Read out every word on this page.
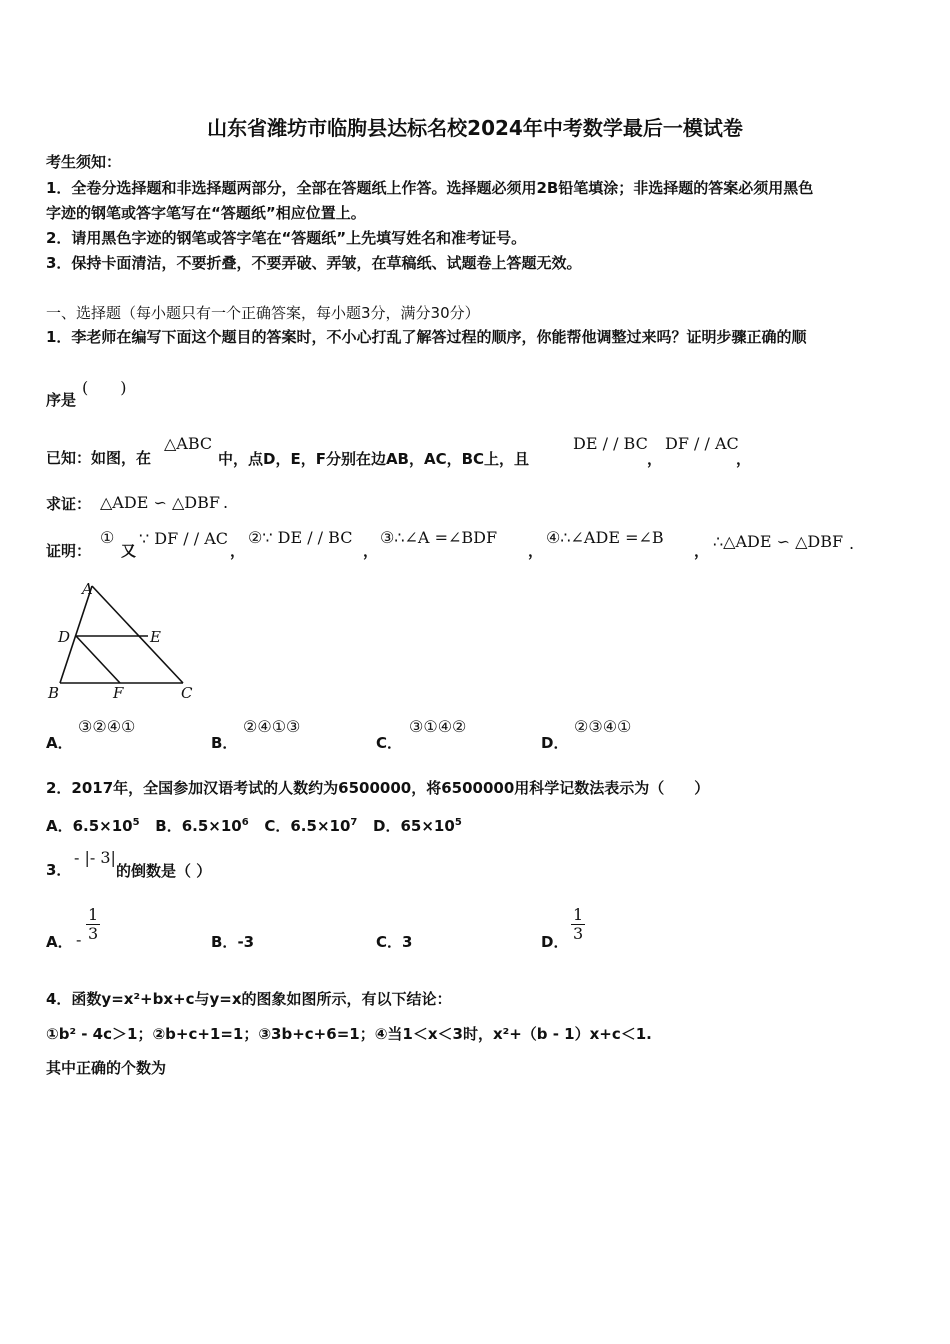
山东省潍坊市临朐县达标名校2024年中考数学最后一模试卷
考生须知：
1．全卷分选择题和非选择题两部分，全部在答题纸上作答。选择题必须用2B铅笔填涂；非选择题的答案必须用黑色
字迹的钢笔或答字笔写在“答题纸”相应位置上。
2．请用黑色字迹的钢笔或答字笔在“答题纸”上先填写姓名和准考证号。
3．保持卡面清洁，不要折叠，不要弄破、弄皱，在草稿纸、试题卷上答题无效。
一、选择题（每小题只有一个正确答案，每小题3分，满分30分）
1．李老师在编写下面这个题目的答案时，不小心打乱了解答过程的顺序，你能帮他调整过来吗？证明步骤正确的顺
序是
(　　)
已知：如图，在
△ABC
中，点D，E，F分别在边AB，AC，BC上，且
DE / / BC
，
DF / / AC
，
求证： △ADE ∽ △DBF .
证明：
①
又
∵ DF / / AC
，
②∵ DE / / BC
，
③∴∠A =∠BDF
，
④∴∠ADE =∠B
， ∴△ADE ∽ △DBF .
A
D	E
B	F	C
A．
③②④①
B．
②④①③
C．
③①④②
D．
②③④①
2．2017年，全国参加汉语考试的人数约为6500000，将6500000用科学记数法表示为（　　）
A．$6.5\times 10^5$ B．$6.5\times 10^6$ C．$6.5\times 10^7$ D．$65\times 10^5$
3．
- |- 3|
的倒数是（ ）
A． - $\frac{1}{3}$	B．-3	C．3	D． $\frac{1}{3}$
4．函数y=x²+bx+c与y=x的图象如图所示，有以下结论：
①b² - 4c＞1；②b+c+1=1；③3b+c+6=1；④当1＜x＜3时，x²+（b - 1）x+c＜1.
其中正确的个数为
